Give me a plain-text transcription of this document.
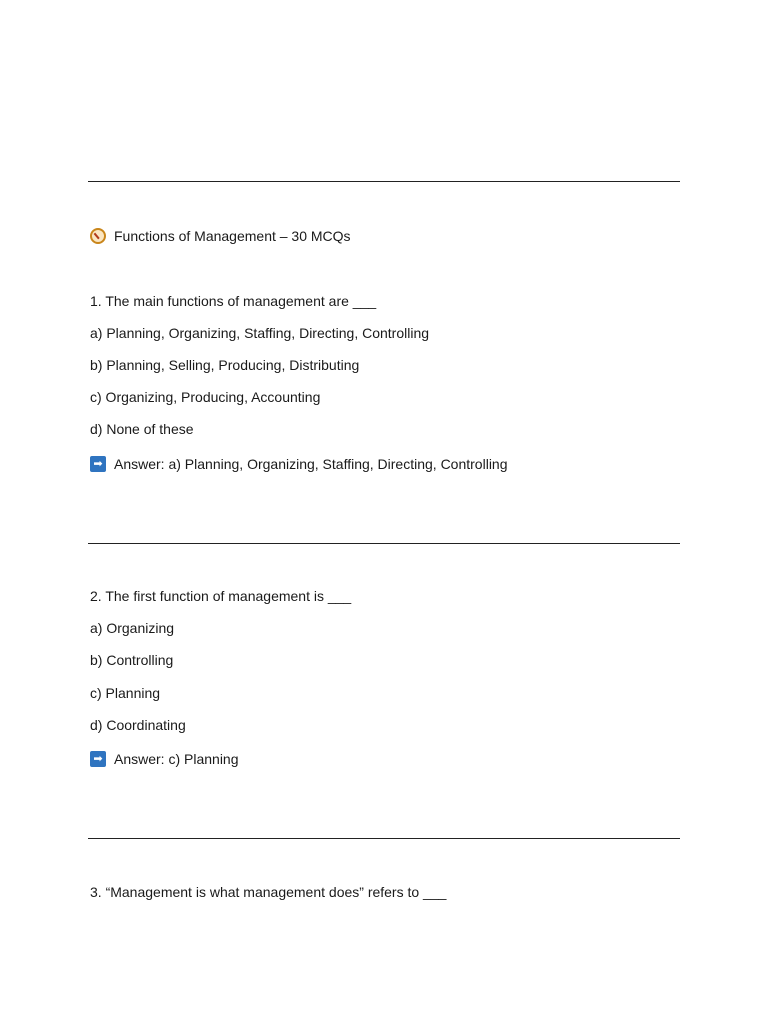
Functions of Management – 30 MCQs
1. The main functions of management are ___
a) Planning, Organizing, Staffing, Directing, Controlling
b) Planning, Selling, Producing, Distributing
c) Organizing, Producing, Accounting
d) None of these
➡ Answer: a) Planning, Organizing, Staffing, Directing, Controlling
2. The first function of management is ___
a) Organizing
b) Controlling
c) Planning
d) Coordinating
➡ Answer: c) Planning
3. “Management is what management does” refers to ___
